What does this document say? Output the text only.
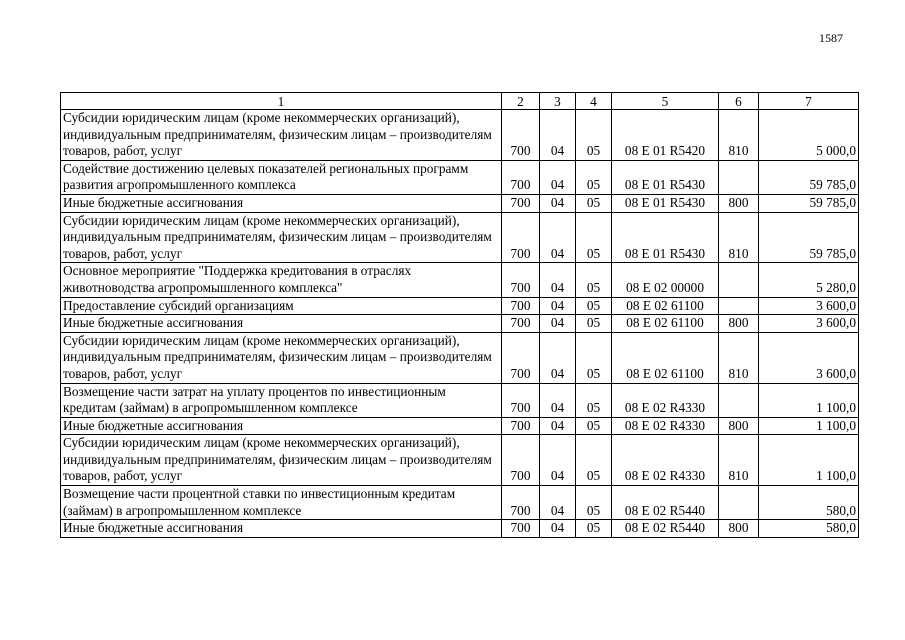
1587
1	2	3	4	5	6	7
Субсидии юридическим лицам (кроме некоммерческих организаций), индивидуальным предпринимателям, физическим лицам – производителям товаров, работ, услуг	700	04	05	08 Е 01 R5420	810	5 000,0
Содействие достижению целевых показателей региональных программ развития агропромышленного комплекса	700	04	05	08 Е 01 R5430		59 785,0
Иные бюджетные ассигнования	700	04	05	08 Е 01 R5430	800	59 785,0
Субсидии юридическим лицам (кроме некоммерческих организаций), индивидуальным предпринимателям, физическим лицам – производителям товаров, работ, услуг	700	04	05	08 Е 01 R5430	810	59 785,0
Основное мероприятие "Поддержка кредитования в отраслях животноводства агропромышленного комплекса"	700	04	05	08 Е 02 00000		5 280,0
Предоставление субсидий организациям	700	04	05	08 Е 02 61100		3 600,0
Иные бюджетные ассигнования	700	04	05	08 Е 02 61100	800	3 600,0
Субсидии юридическим лицам (кроме некоммерческих организаций), индивидуальным предпринимателям, физическим лицам – производителям товаров, работ, услуг	700	04	05	08 Е 02 61100	810	3 600,0
Возмещение части затрат на уплату процентов по инвестиционным кредитам (займам) в агропромышленном комплексе	700	04	05	08 Е 02 R4330		1 100,0
Иные бюджетные ассигнования	700	04	05	08 Е 02 R4330	800	1 100,0
Субсидии юридическим лицам (кроме некоммерческих организаций), индивидуальным предпринимателям, физическим лицам – производителям товаров, работ, услуг	700	04	05	08 Е 02 R4330	810	1 100,0
Возмещение части процентной ставки по инвестиционным кредитам (займам) в агропромышленном комплексе	700	04	05	08 Е 02 R5440		580,0
Иные бюджетные ассигнования	700	04	05	08 Е 02 R5440	800	580,0
